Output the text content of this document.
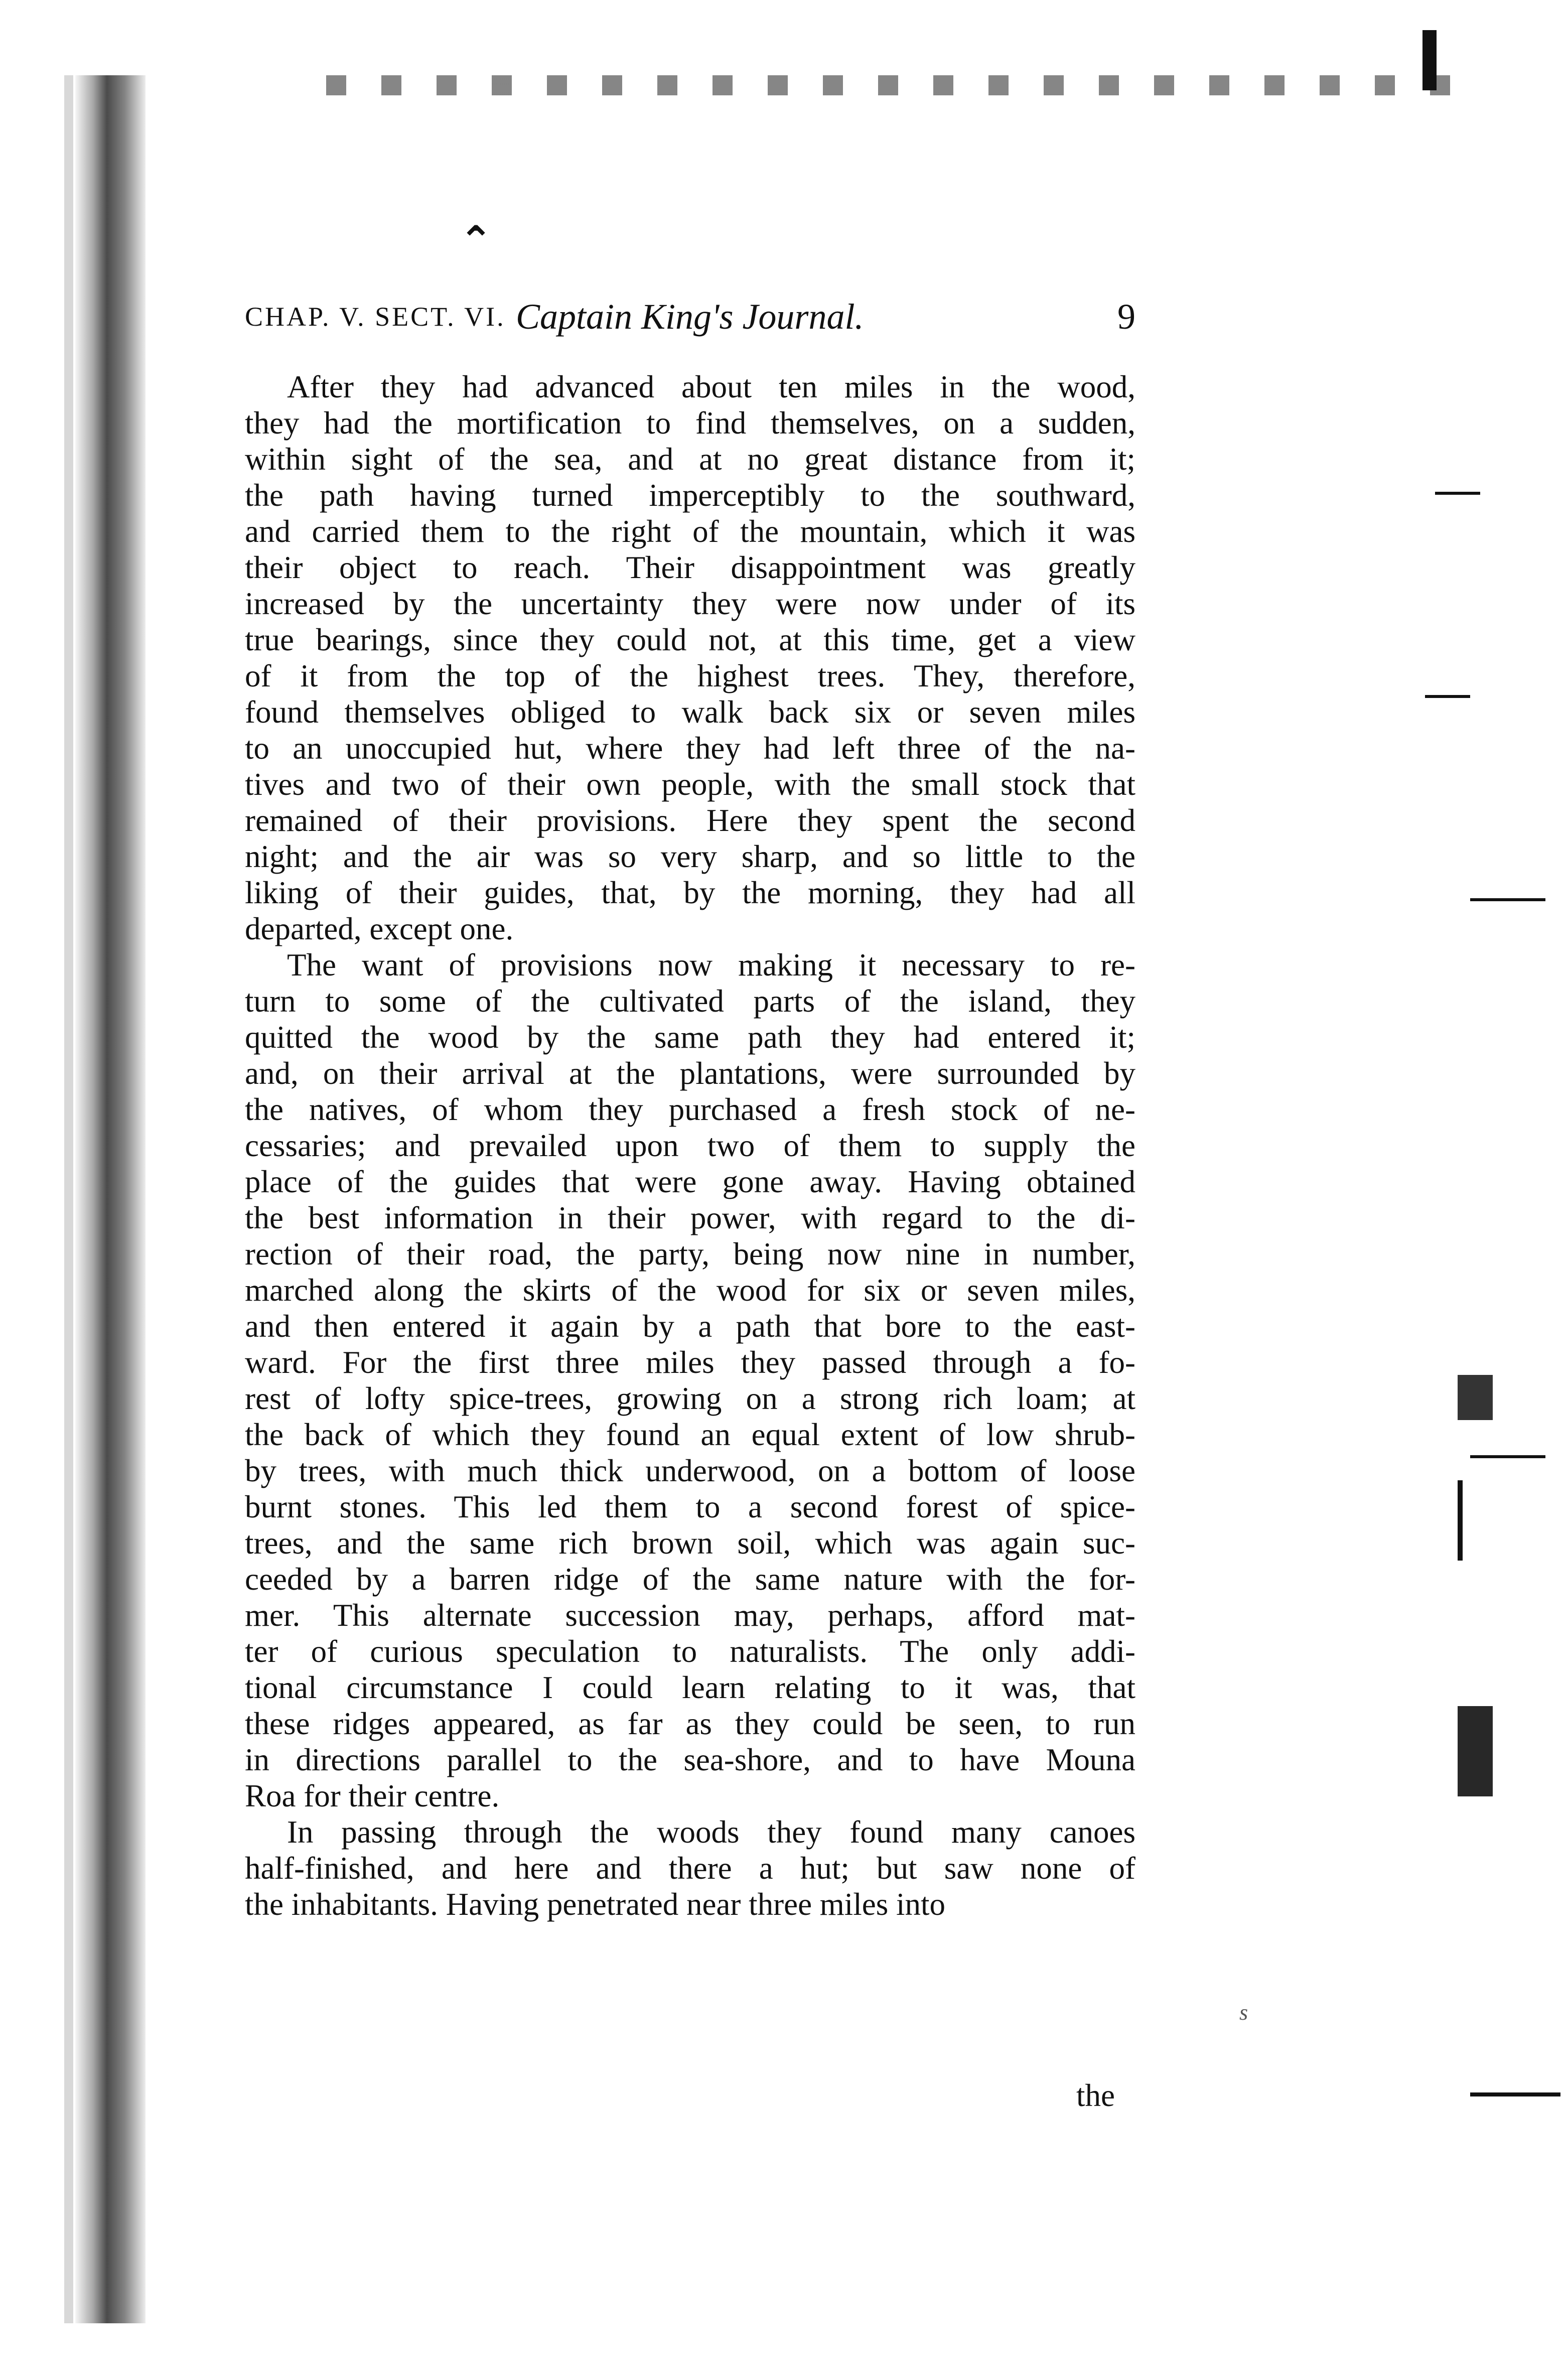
⌃
CHAP. V. SECT. VI. Captain King's Journal.	9
After they had advanced about ten miles in the wood,
they had the mortification to find themselves, on a sudden,
within sight of the sea, and at no great distance from it;
the path having turned imperceptibly to the southward,
and carried them to the right of the mountain, which it was
their object to reach. Their disappointment was greatly
increased by the uncertainty they were now under of its
true bearings, since they could not, at this time, get a view
of it from the top of the highest trees. They, therefore,
found themselves obliged to walk back six or seven miles
to an unoccupied hut, where they had left three of the na-
tives and two of their own people, with the small stock that
remained of their provisions. Here they spent the second
night; and the air was so very sharp, and so little to the
liking of their guides, that, by the morning, they had all
departed, except one.
The want of provisions now making it necessary to re-
turn to some of the cultivated parts of the island, they
quitted the wood by the same path they had entered it;
and, on their arrival at the plantations, were surrounded by
the natives, of whom they purchased a fresh stock of ne-
cessaries; and prevailed upon two of them to supply the
place of the guides that were gone away. Having obtained
the best information in their power, with regard to the di-
rection of their road, the party, being now nine in number,
marched along the skirts of the wood for six or seven miles,
and then entered it again by a path that bore to the east-
ward. For the first three miles they passed through a fo-
rest of lofty spice-trees, growing on a strong rich loam; at
the back of which they found an equal extent of low shrub-
by trees, with much thick underwood, on a bottom of loose
burnt stones. This led them to a second forest of spice-
trees, and the same rich brown soil, which was again suc-
ceeded by a barren ridge of the same nature with the for-
mer. This alternate succession may, perhaps, afford mat-
ter of curious speculation to naturalists. The only addi-
tional circumstance I could learn relating to it was, that
these ridges appeared, as far as they could be seen, to run
in directions parallel to the sea-shore, and to have Mouna
Roa for their centre.
In passing through the woods they found many canoes
half-finished, and here and there a hut; but saw none of
the inhabitants. Having penetrated near three miles into
the
s
